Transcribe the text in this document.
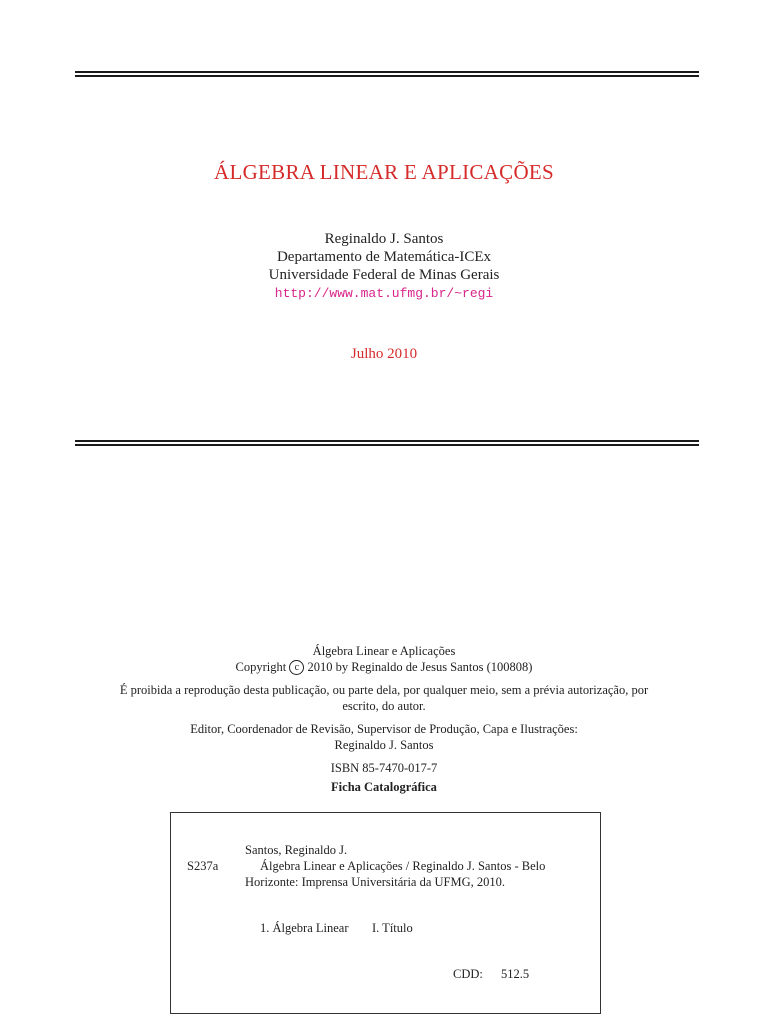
ÁLGEBRA LINEAR E APLICAÇÕES
Reginaldo J. Santos
Departamento de Matemática-ICEx
Universidade Federal de Minas Gerais
http://www.mat.ufmg.br/~regi
Julho 2010
Álgebra Linear e Aplicações
Copyright c 2010 by Reginaldo de Jesus Santos (100808)
É proibida a reprodução desta publicação, ou parte dela, por qualquer meio, sem a prévia autorização, por
escrito, do autor.
Editor, Coordenador de Revisão, Supervisor de Produção, Capa e Ilustrações:
Reginaldo J. Santos
ISBN 85-7470-017-7
Ficha Catalográfica
Santos, Reginaldo J.
S237a	Álgebra Linear e Aplicações / Reginaldo J. Santos - Belo
Horizonte: Imprensa Universitária da UFMG, 2010.
1. Álgebra Linear I. Título
CDD: 512.5
